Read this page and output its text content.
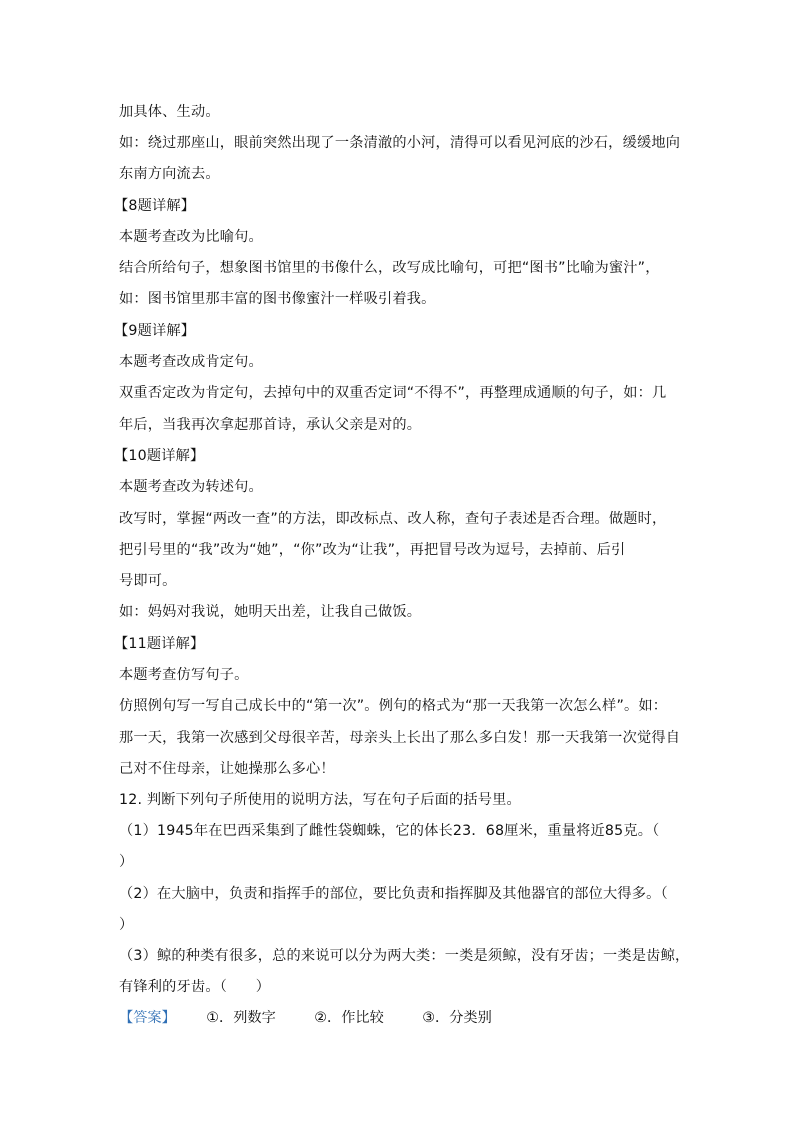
加具体、生动。
如：绕过那座山，眼前突然出现了一条清澈的小河，清得可以看见河底的沙石，缓缓地向
东南方向流去。
【8题详解】
本题考查改为比喻句。
结合所给句子，想象图书馆里的书像什么，改写成比喻句，可把“图书”比喻为蜜汁”，
如：图书馆里那丰富的图书像蜜汁一样吸引着我。
【9题详解】
本题考查改成肯定句。
双重否定改为肯定句，去掉句中的双重否定词“不得不”，再整理成通顺的句子，如：几
年后，当我再次拿起那首诗，承认父亲是对的。
【10题详解】
本题考查改为转述句。
改写时，掌握“两改一查”的方法，即改标点、改人称，查句子表述是否合理。做题时，
把引号里的“我”改为“她”，“你”改为“让我”，再把冒号改为逗号，去掉前、后引
号即可。
如：妈妈对我说，她明天出差，让我自己做饭。
【11题详解】
本题考查仿写句子。
仿照例句写一写自己成长中的“第一次”。例句的格式为“那一天我第一次怎么样”。如：
那一天，我第一次感到父母很辛苦，母亲头上长出了那么多白发！那一天我第一次觉得自
己对不住母亲，让她操那么多心！
12. 判断下列句子所使用的说明方法，写在句子后面的括号里。
（1）1945年在巴西采集到了雌性袋蜘蛛，它的体长23．68厘米，重量将近85克。（
）
（2）在大脑中，负责和指挥手的部位，要比负责和指挥脚及其他器官的部位大得多。（
）
（3）鲸的种类有很多，总的来说可以分为两大类：一类是须鲸，没有牙齿；一类是齿鲸，
有锋利的牙齿。（　　）
【答案】 ①．列数字	②．作比较	③．分类别
